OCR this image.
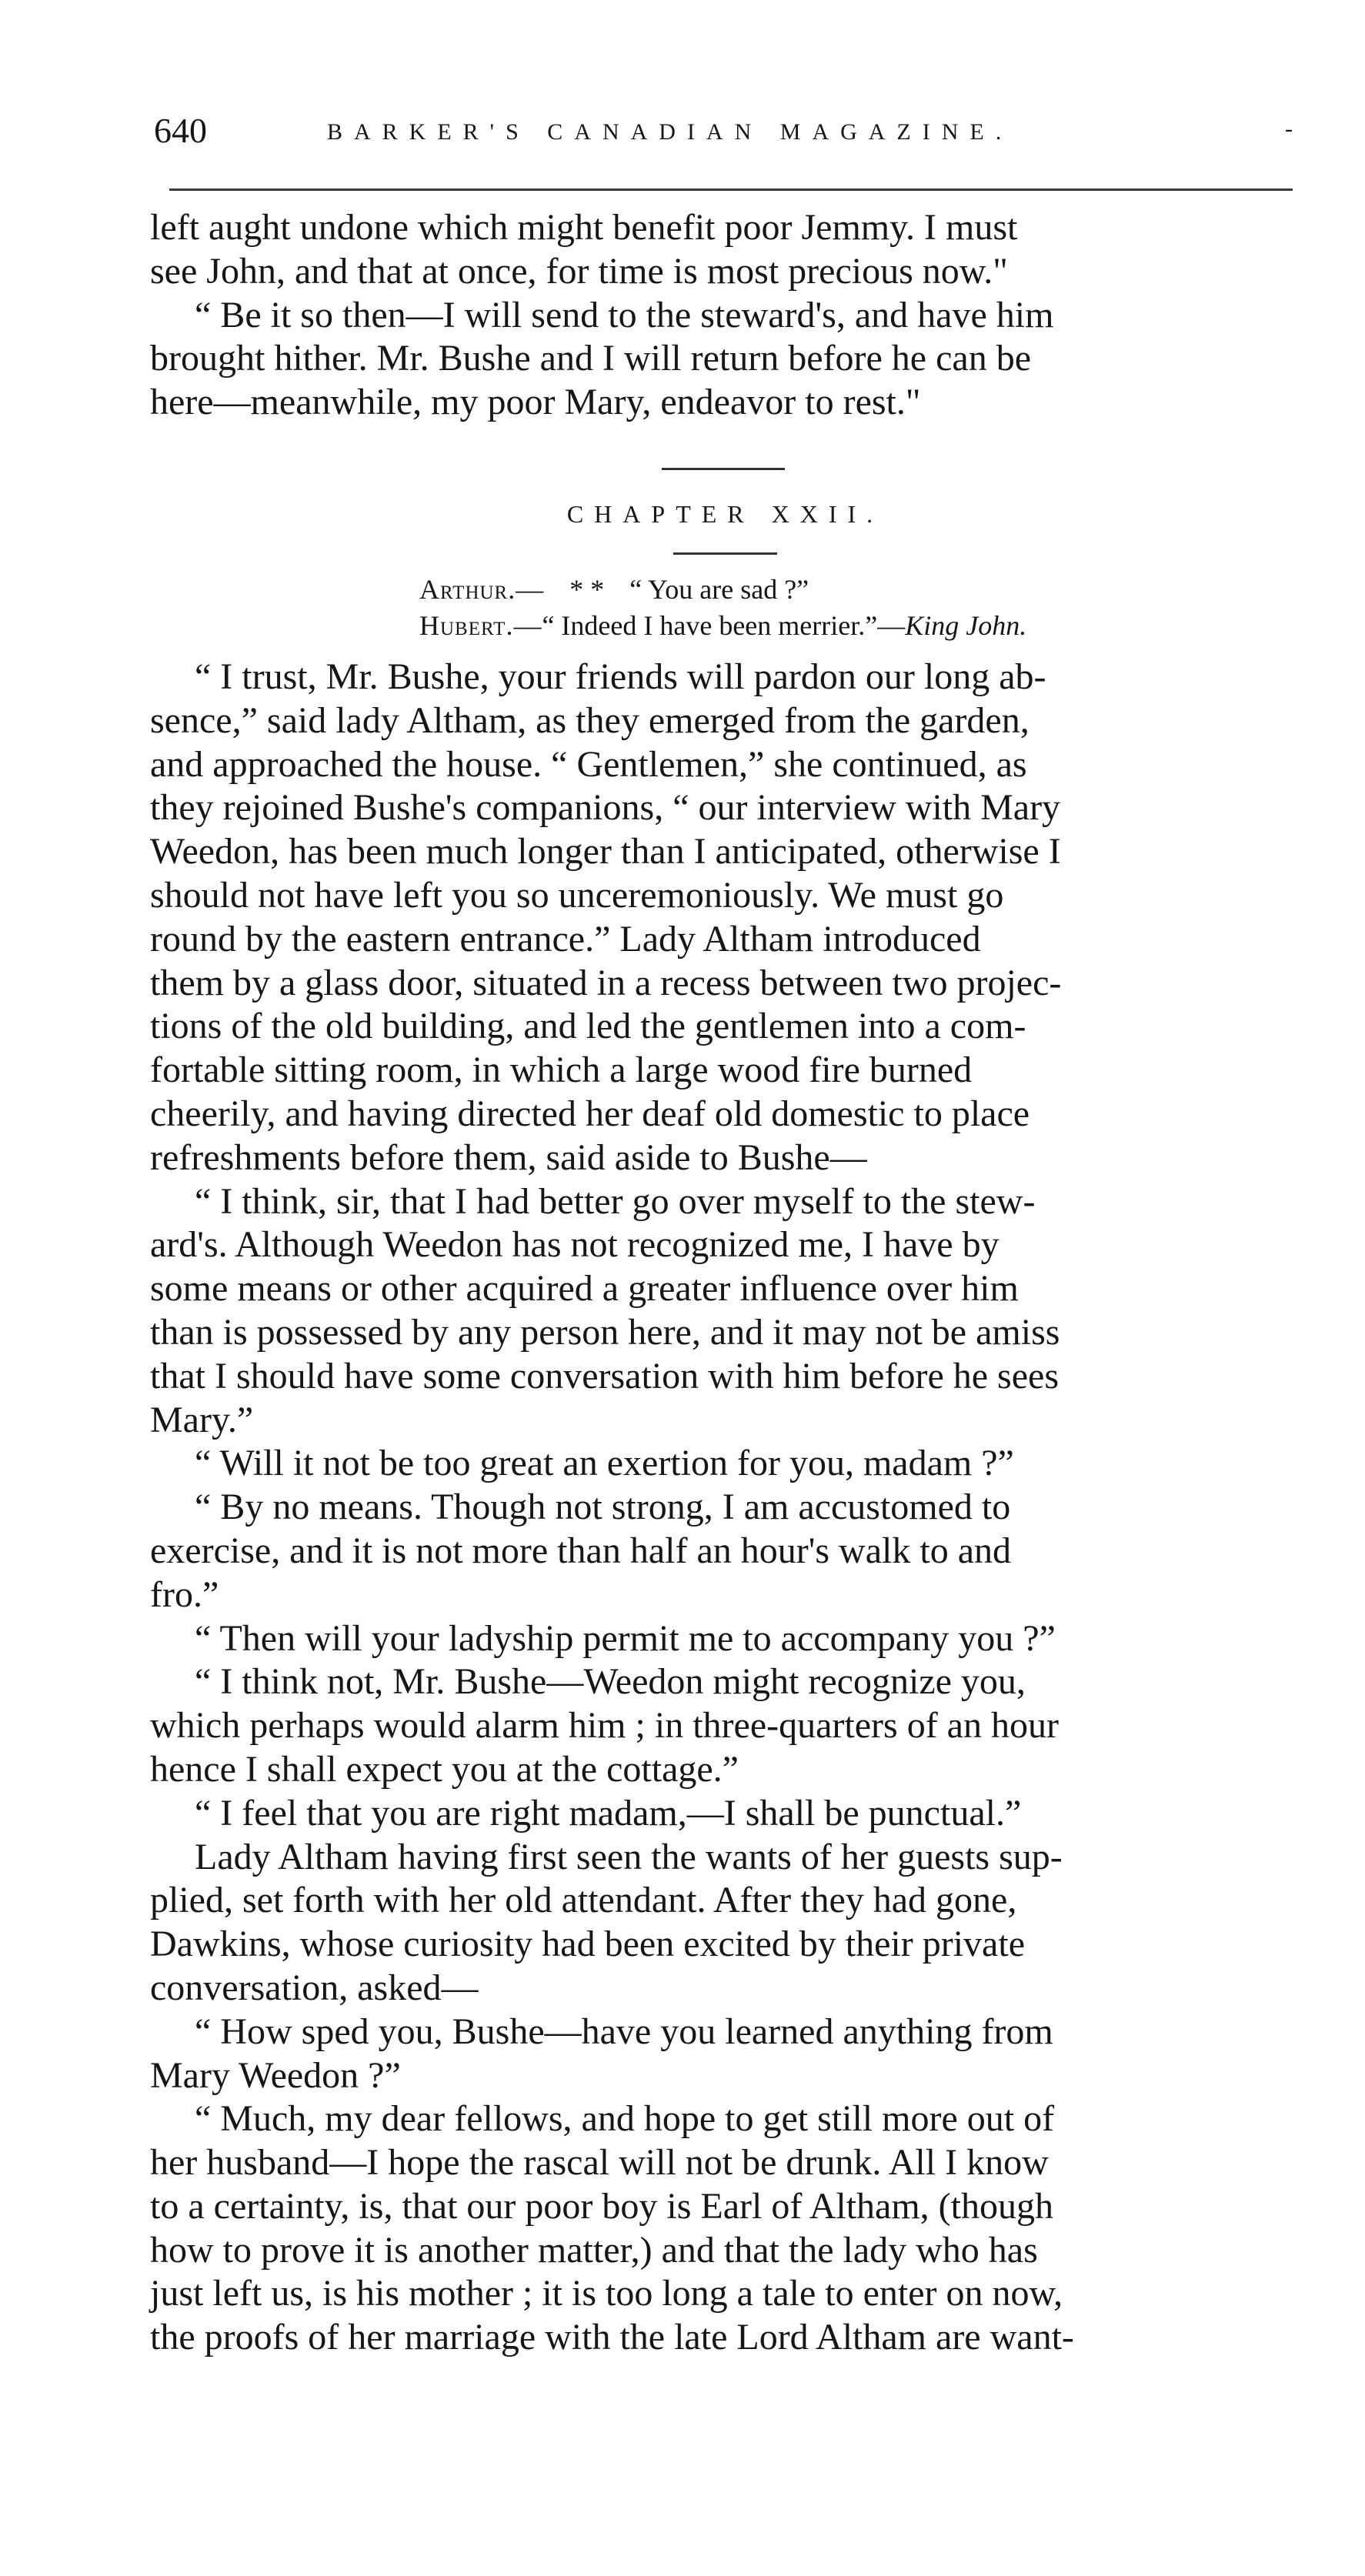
640	BARKER'S CANADIAN MAGAZINE.	-
left aught undone which might benefit poor Jemmy. I must
see John, and that at once, for time is most precious now."
“ Be it so then—I will send to the steward's, and have him
brought hither. Mr. Bushe and I will return before he can be
here—meanwhile, my poor Mary, endeavor to rest."
CHAPTER XXII.
Arthur.— * * “ You are sad ?”
Hubert.—“ Indeed I have been merrier.”—King John.
“ I trust, Mr. Bushe, your friends will pardon our long ab-
sence,” said lady Altham, as they emerged from the garden,
and approached the house. “ Gentlemen,” she continued, as
they rejoined Bushe's companions, “ our interview with Mary
Weedon, has been much longer than I anticipated, otherwise I
should not have left you so unceremoniously. We must go
round by the eastern entrance.” Lady Altham introduced
them by a glass door, situated in a recess between two projec-
tions of the old building, and led the gentlemen into a com-
fortable sitting room, in which a large wood fire burned
cheerily, and having directed her deaf old domestic to place
refreshments before them, said aside to Bushe—
“ I think, sir, that I had better go over myself to the stew-
ard's. Although Weedon has not recognized me, I have by
some means or other acquired a greater influence over him
than is possessed by any person here, and it may not be amiss
that I should have some conversation with him before he sees
Mary.”
“ Will it not be too great an exertion for you, madam ?”
“ By no means. Though not strong, I am accustomed to
exercise, and it is not more than half an hour's walk to and
fro.”
“ Then will your ladyship permit me to accompany you ?”
“ I think not, Mr. Bushe—Weedon might recognize you,
which perhaps would alarm him ; in three-quarters of an hour
hence I shall expect you at the cottage.”
“ I feel that you are right madam,—I shall be punctual.”
Lady Altham having first seen the wants of her guests sup-
plied, set forth with her old attendant. After they had gone,
Dawkins, whose curiosity had been excited by their private
conversation, asked—
“ How sped you, Bushe—have you learned anything from
Mary Weedon ?”
“ Much, my dear fellows, and hope to get still more out of
her husband—I hope the rascal will not be drunk. All I know
to a certainty, is, that our poor boy is Earl of Altham, (though
how to prove it is another matter,) and that the lady who has
just left us, is his mother ; it is too long a tale to enter on now,
the proofs of her marriage with the late Lord Altham are want-
